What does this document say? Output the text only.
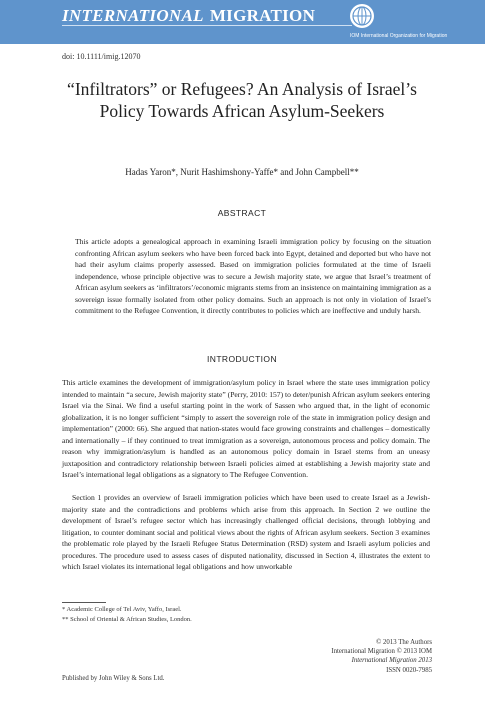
INTERNATIONAL MIGRATION
IOM International Organization for Migration
doi: 10.1111/imig.12070
“Infiltrators” or Refugees? An Analysis of Israel’s Policy Towards African Asylum-Seekers
Hadas Yaron*, Nurit Hashimshony-Yaffe* and John Campbell**
ABSTRACT

This article adopts a genealogical approach in examining Israeli immigration policy by focusing on the situation confronting African asylum seekers who have been forced back into Egypt, detained and deported but who have not had their asylum claims properly assessed. Based on immigration policies formulated at the time of Israeli independence, whose principle objective was to secure a Jewish majority state, we argue that Israel’s treatment of African asylum seekers as ‘infiltrators’/economic migrants stems from an insistence on maintaining immigration as a sovereign issue formally isolated from other policy domains. Such an approach is not only in violation of Israel’s commitment to the Refugee Convention, it directly contributes to policies which are ineffective and unduly harsh.

INTRODUCTION

This article examines the development of immigration/asylum policy in Israel where the state uses immigration policy intended to maintain “a secure, Jewish majority state” (Perry, 2010: 157) to deter/punish African asylum seekers entering Israel via the Sinai. We find a useful starting point in the work of Sassen who argued that, in the light of economic globalization, it is no longer sufficient “simply to assert the sovereign role of the state in immigration policy design and implementation” (2000: 66). She argued that nation-states would face growing constraints and challenges – domestically and internationally – if they continued to treat immigration as a sovereign, autonomous process and policy domain. The reason why immigration/asylum is handled as an autonomous policy domain in Israel stems from an uneasy juxtaposition and contradictory relationship between Israeli policies aimed at establishing a Jewish majority state and Israel’s international legal obligations as a signatory to The Refugee Convention.

Section 1 provides an overview of Israeli immigration policies which have been used to create Israel as a Jewish-majority state and the contradictions and problems which arise from this approach. In Section 2 we outline the development of Israel’s refugee sector which has increasingly challenged official decisions, through lobbying and litigation, to counter dominant social and political views about the rights of African asylum seekers. Section 3 examines the problematic role played by the Israeli Refugee Status Determination (RSD) system and Israeli asylum policies and procedures. The procedure used to assess cases of disputed nationality, discussed in Section 4, illustrates the extent to which Israel violates its international legal obligations and how unworkable

* Academic College of Tel Aviv, Yaffo, Israel.
** School of Oriental & African Studies, London.
© 2013 The Authors
International Migration © 2013 IOM
International Migration 2013
ISSN 0020-7985
Published by John Wiley & Sons Ltd.
